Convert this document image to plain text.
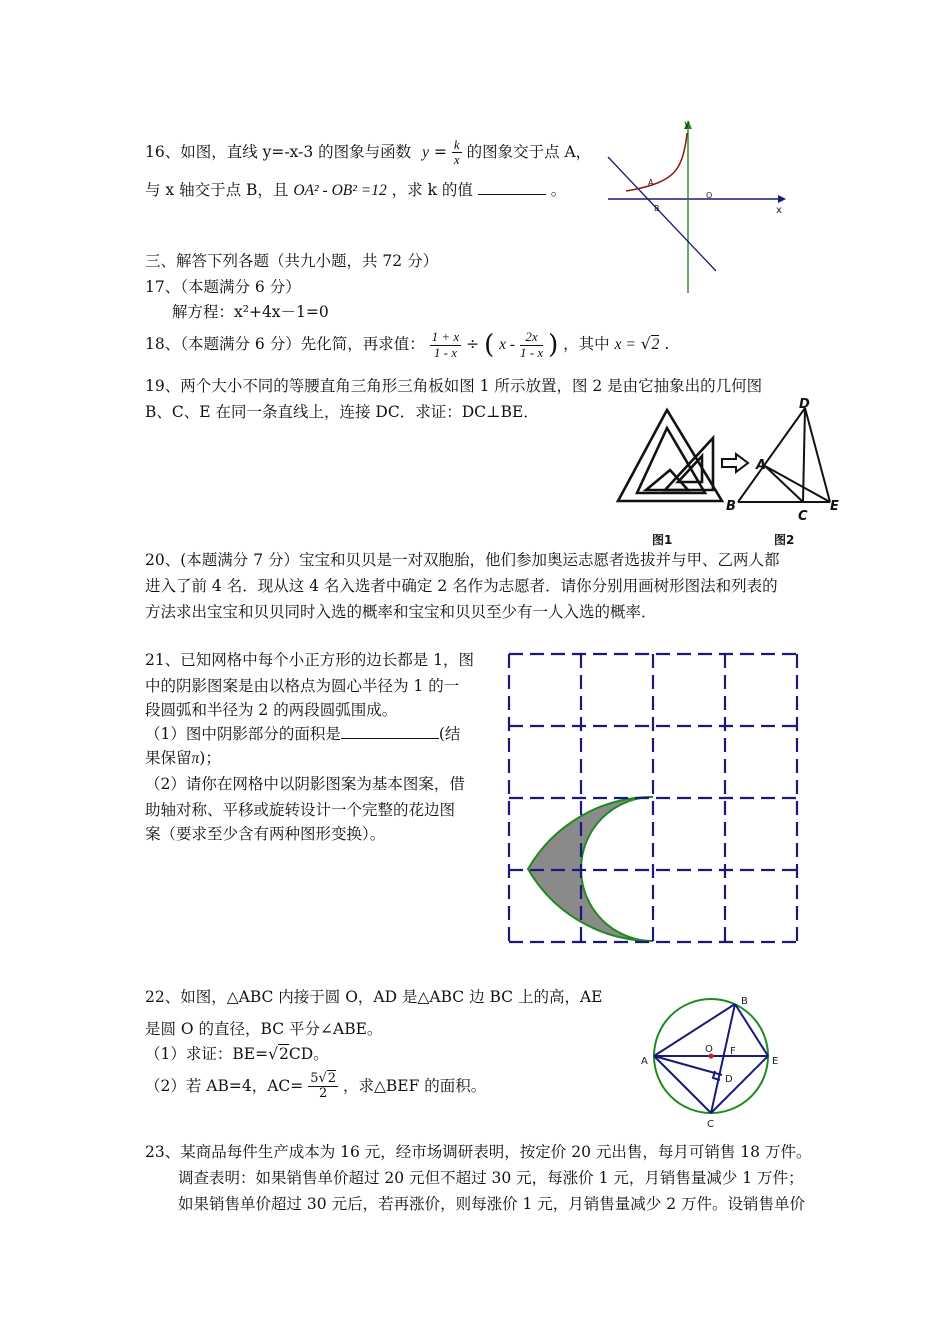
16、如图，直线 y=-x-3 的图象与函数 $y = \frac{k}{x}$ 的图象交于点 A，
与 x 轴交于点 B，且 OA² - OB² =12 ，求 k 的值	。
y
x
A
B
O
三、解答下列各题（共九小题，共 72 分）
17、（本题满分 6 分）
解方程：x²+4x－1=0
18、（本题满分 6 分）先化简，再求值： $\frac{1 + x}{1 - x}$ ÷ ( x - $\frac{2x}{1 - x}$ ) ，其中 x = √2 .
19、两个大小不同的等腰直角三角形三角板如图 1 所示放置，图 2 是由它抽象出的几何图
B、C、E 在同一条直线上，连接 DC．求证：DC⊥BE．	D
A
B
C
E
图1	图2
20、(本题满分 7 分）宝宝和贝贝是一对双胞胎，他们参加奥运志愿者选拔并与甲、乙两人都
进入了前 4 名．现从这 4 名入选者中确定 2 名作为志愿者．请你分别用画树形图法和列表的
方法求出宝宝和贝贝同时入选的概率和宝宝和贝贝至少有一人入选的概率．
21、已知网格中每个小正方形的边长都是 1，图
中的阴影图案是由以格点为圆心半径为 1 的一
段圆弧和半径为 2 的两段圆弧围成。
（1）图中阴影部分的面积是	(结
果保留π)；
（2）请你在网格中以阴影图案为基本图案，借
助轴对称、平移或旋转设计一个完整的花边图
案（要求至少含有两种图形变换）。
22、如图，△ABC 内接于圆 O，AD 是△ABC 边 BC 上的高，AE
是圆 O 的直径，BC 平分∠ABE。
（1）求证：BE=√2CD。
（2）若 AB=4，$AC= \frac{5√2}{2}$ ，求△BEF 的面积。
B
A	E
C
D
O F
23、某商品每件生产成本为 16 元，经市场调研表明，按定价 20 元出售，每月可销售 18 万件。
调查表明：如果销售单价超过 20 元但不超过 30 元，每涨价 1 元，月销售量减少 1 万件；
如果销售单价超过 30 元后，若再涨价，则每涨价 1 元，月销售量减少 2 万件。设销售单价
